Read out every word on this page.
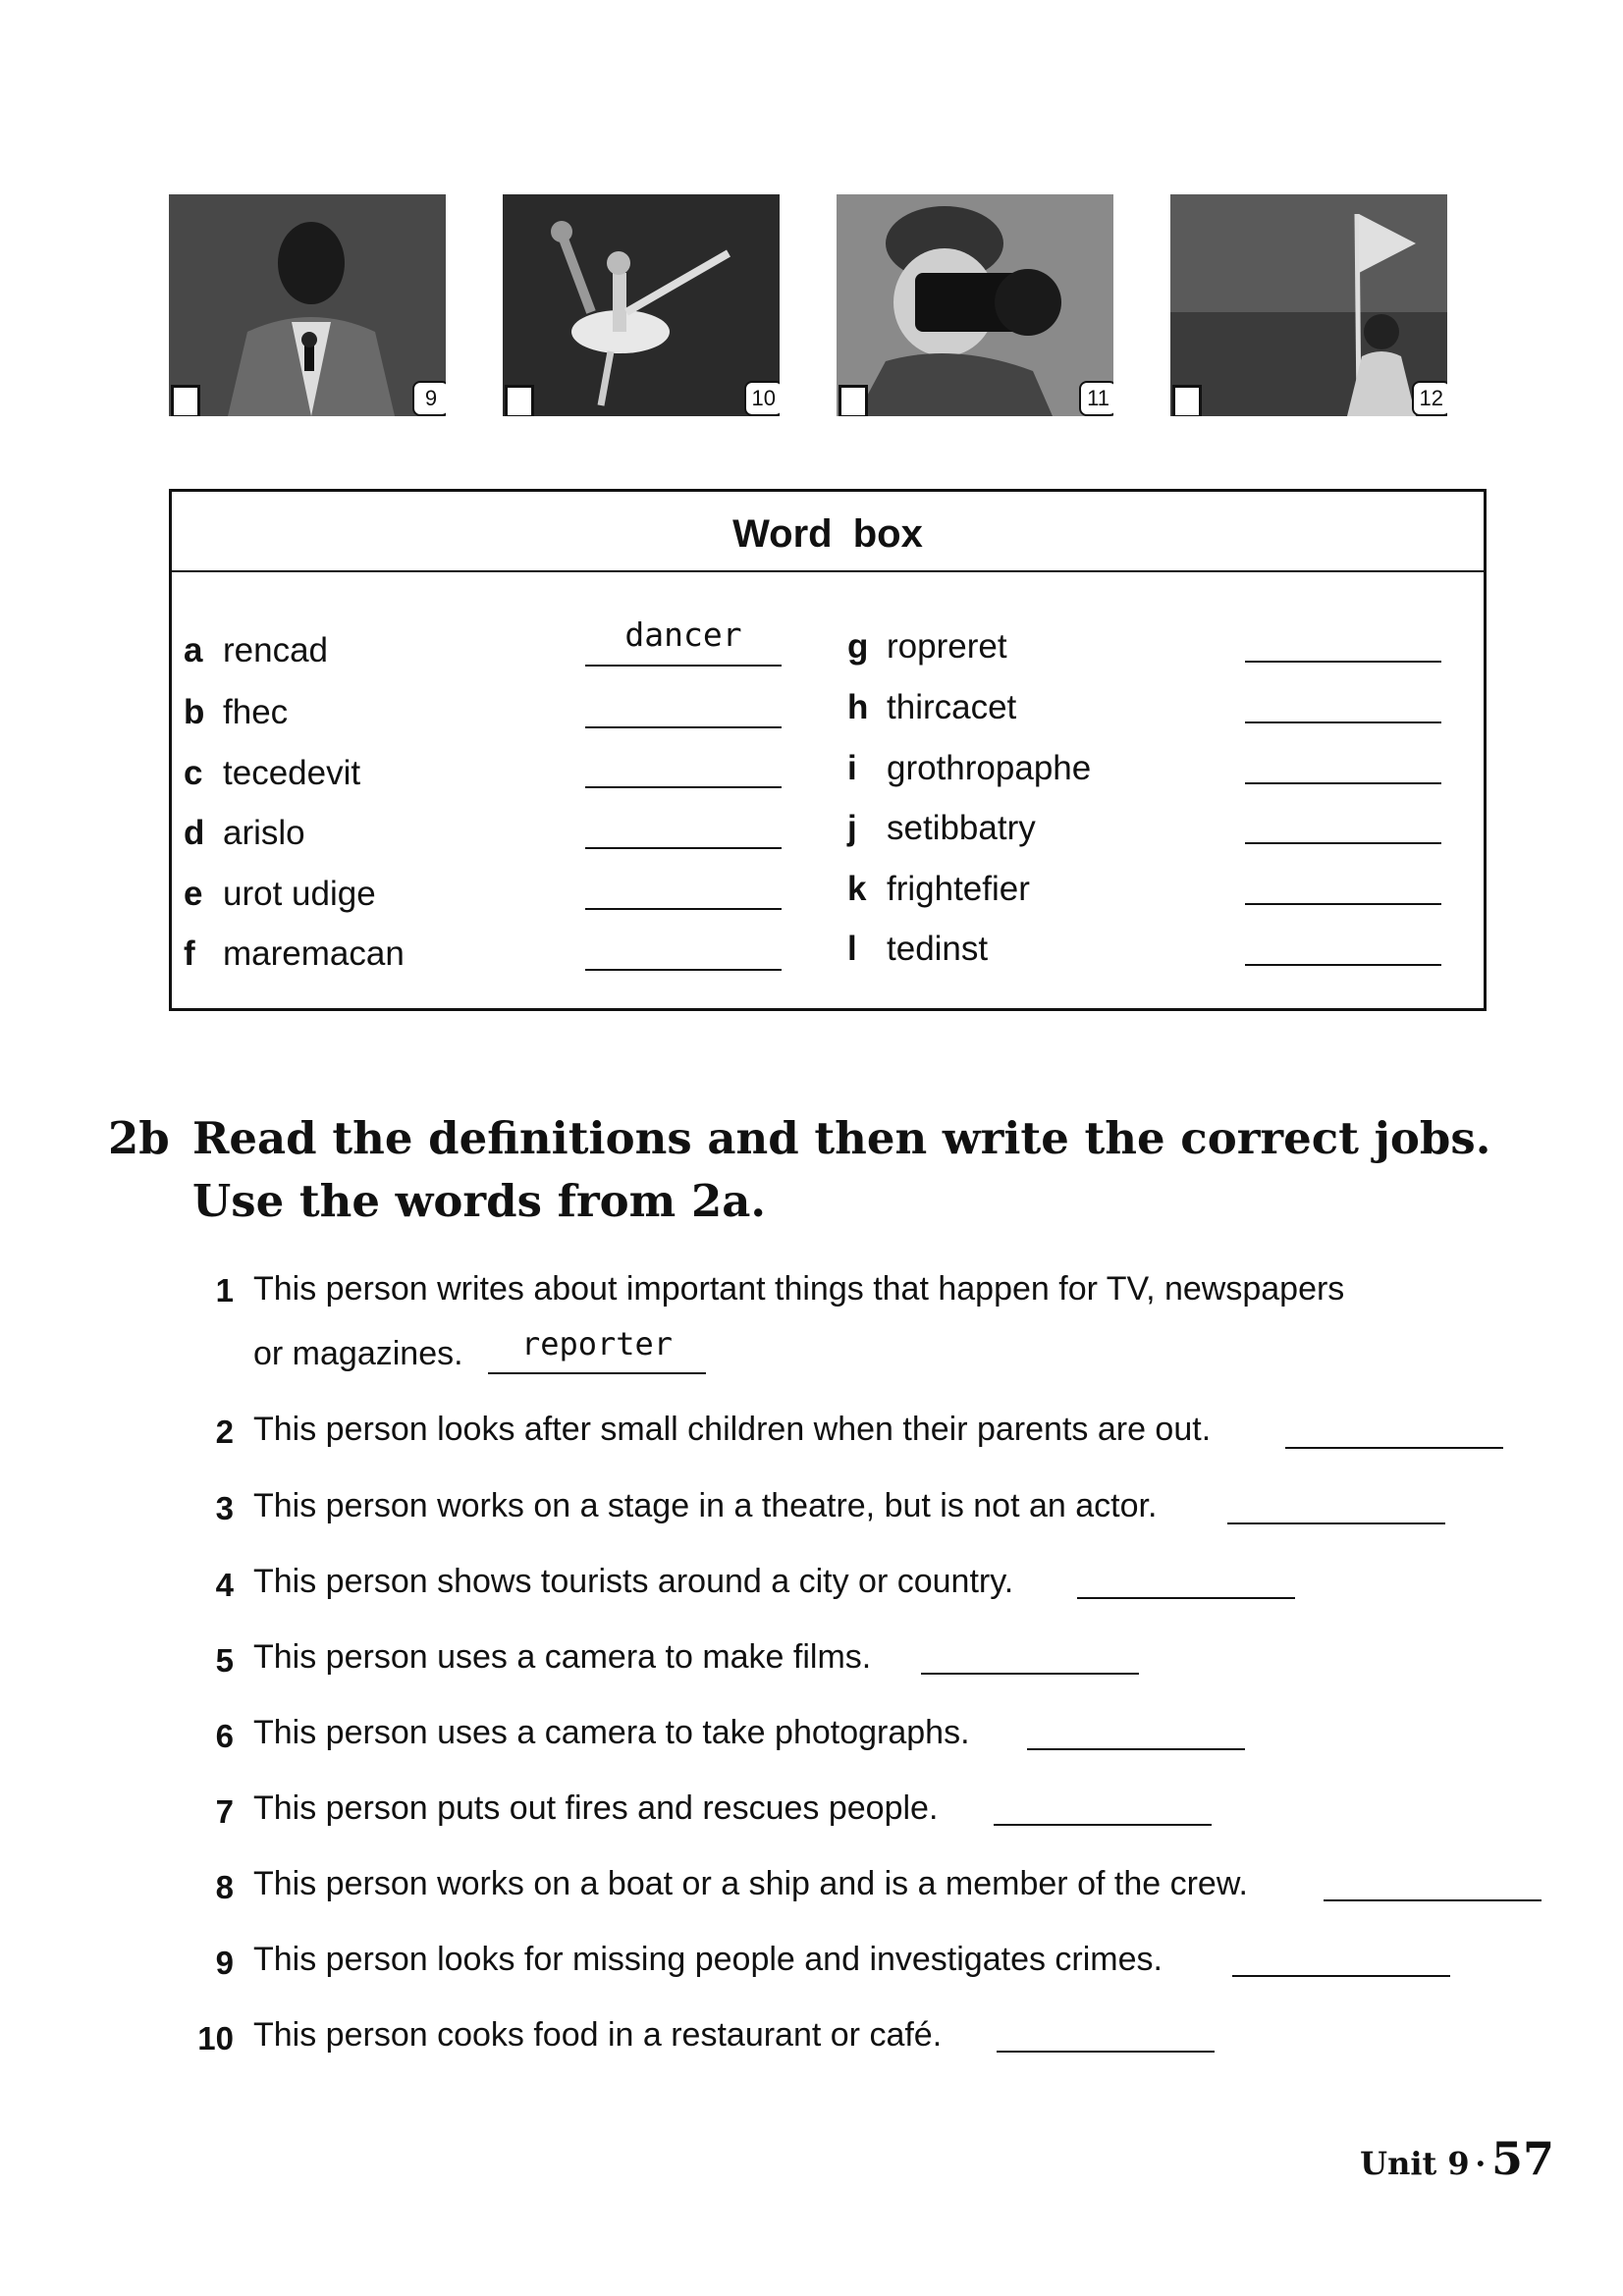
9	10	11	12
Word box
a rencad	dancer
b fhec
c tecedevit
d arislo
e urot udige
f maremacan
g ropreret
h thircacet
i grothropaphe
j setibbatry
k frightefier
l tedinst
2b Read the definitions and then write the correct jobs.
Use the words from 2a.
1 This person writes about important things that happen for TV, newspapers
or magazines.	reporter
2 This person looks after small children when their parents are out.
3 This person works on a stage in a theatre, but is not an actor.
4 This person shows tourists around a city or country.
5 This person uses a camera to make films.
6 This person uses a camera to take photographs.
7 This person puts out fires and rescues people.
8 This person works on a boat or a ship and is a member of the crew.
9 This person looks for missing people and investigates crimes.
10 This person cooks food in a restaurant or café.
Unit 9 · 57
